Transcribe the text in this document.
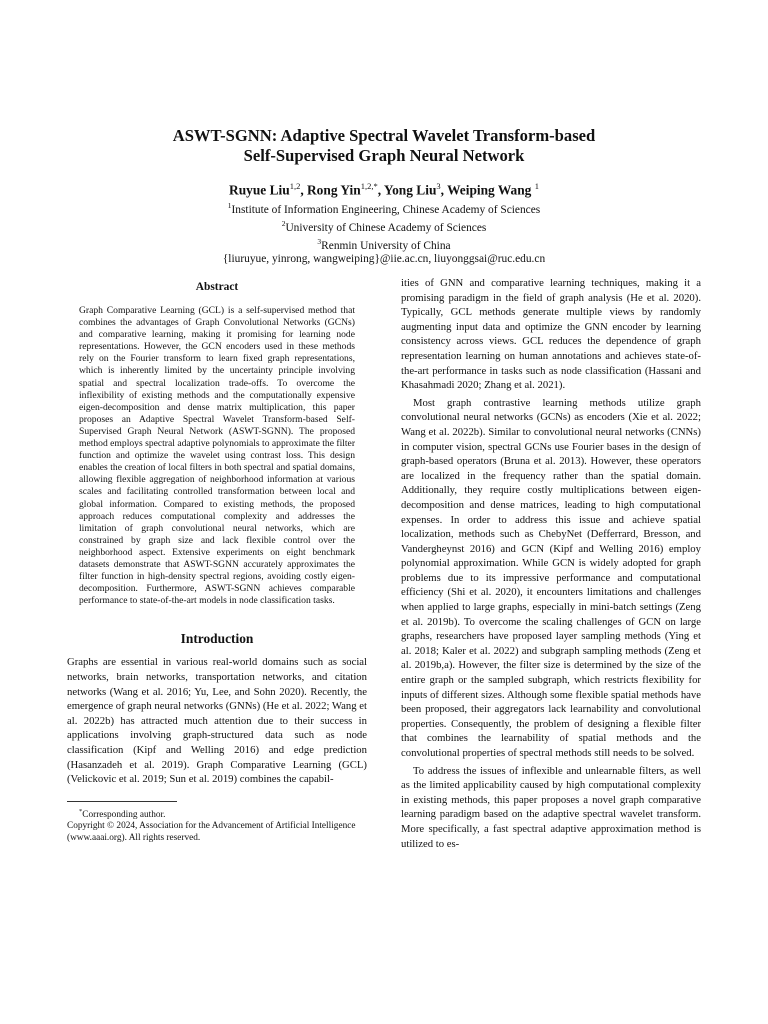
ASWT-SGNN: Adaptive Spectral Wavelet Transform-based
Self-Supervised Graph Neural Network
Ruyue Liu$^{1,2}$, Rong Yin$^{1,2,*}$, Yong Liu$^3$, Weiping Wang $^1$
$^1$Institute of Information Engineering, Chinese Academy of Sciences
$^2$University of Chinese Academy of Sciences
$^3$Renmin University of China
{liuruyue, yinrong, wangweiping}@iie.ac.cn, liuyonggsai@ruc.edu.cn
Abstract

Graph Comparative Learning (GCL) is a self-supervised method that combines the advantages of Graph Convolutional Networks (GCNs) and comparative learning, making it promising for learning node representations. However, the GCN encoders used in these methods rely on the Fourier transform to learn fixed graph representations, which is inherently limited by the uncertainty principle involving spatial and spectral localization trade-offs. To overcome the inflexibility of existing methods and the computationally expensive eigen-decomposition and dense matrix multiplication, this paper proposes an Adaptive Spectral Wavelet Transform-based Self-Supervised Graph Neural Network (ASWT-SGNN). The proposed method employs spectral adaptive polynomials to approximate the filter function and optimize the wavelet using contrast loss. This design enables the creation of local filters in both spectral and spatial domains, allowing flexible aggregation of neighborhood information at various scales and facilitating controlled transformation between local and global information. Compared to existing methods, the proposed approach reduces computational complexity and addresses the limitation of graph convolutional neural networks, which are constrained by graph size and lack flexible control over the neighborhood aspect. Extensive experiments on eight benchmark datasets demonstrate that ASWT-SGNN accurately approximates the filter function in high-density spectral regions, avoiding costly eigen-decomposition. Furthermore, ASWT-SGNN achieves comparable performance to state-of-the-art models in node classification tasks.

Introduction

Graphs are essential in various real-world domains such as social networks, brain networks, transportation networks, and citation networks (Wang et al. 2016; Yu, Lee, and Sohn 2020). Recently, the emergence of graph neural networks (GNNs) (He et al. 2022; Wang et al. 2022b) has attracted much attention due to their success in applications involving graph-structured data such as node classification (Kipf and Welling 2016) and edge prediction (Hasanzadeh et al. 2019). Graph Comparative Learning (GCL) (Velickovic et al. 2019; Sun et al. 2019) combines the capabil-

*Corresponding author.
Copyright © 2024, Association for the Advancement of Artificial Intelligence (www.aaai.org). All rights reserved.

ities of GNN and comparative learning techniques, making it a promising paradigm in the field of graph analysis (He et al. 2020). Typically, GCL methods generate multiple views by randomly augmenting input data and optimize the GNN encoder by learning consistency across views. GCL reduces the dependence of graph representation learning on human annotations and achieves state-of-the-art performance in tasks such as node classification (Hassani and Khasahmadi 2020; Zhang et al. 2021).

Most graph contrastive learning methods utilize graph convolutional neural networks (GCNs) as encoders (Xie et al. 2022; Wang et al. 2022b). Similar to convolutional neural networks (CNNs) in computer vision, spectral GCNs use Fourier bases in the design of graph-based operators (Bruna et al. 2013). However, these operators are localized in the frequency rather than the spatial domain. Additionally, they require costly multiplications between eigen-decomposition and dense matrices, leading to high computational expenses. In order to address this issue and achieve spatial localization, methods such as ChebyNet (Defferrard, Bresson, and Vandergheynst 2016) and GCN (Kipf and Welling 2016) employ polynomial approximation. While GCN is widely adopted for graph problems due to its impressive performance and computational efficiency (Shi et al. 2020), it encounters limitations and challenges when applied to large graphs, especially in mini-batch settings (Zeng et al. 2019b). To overcome the scaling challenges of GCN on large graphs, researchers have proposed layer sampling methods (Ying et al. 2018; Kaler et al. 2022) and subgraph sampling methods (Zeng et al. 2019b,a). However, the filter size is determined by the size of the entire graph or the sampled subgraph, which restricts flexibility for inputs of different sizes. Although some flexible spatial methods have been proposed, their aggregators lack learnability and convolutional properties. Consequently, the problem of designing a flexible filter that combines the learnability of spatial methods and the convolutional properties of spectral methods still needs to be solved.

To address the issues of inflexible and unlearnable filters, as well as the limited applicability caused by high computational complexity in existing methods, this paper proposes a novel graph comparative learning paradigm based on the adaptive spectral wavelet transform. More specifically, a fast spectral adaptive approximation method is utilized to es-
